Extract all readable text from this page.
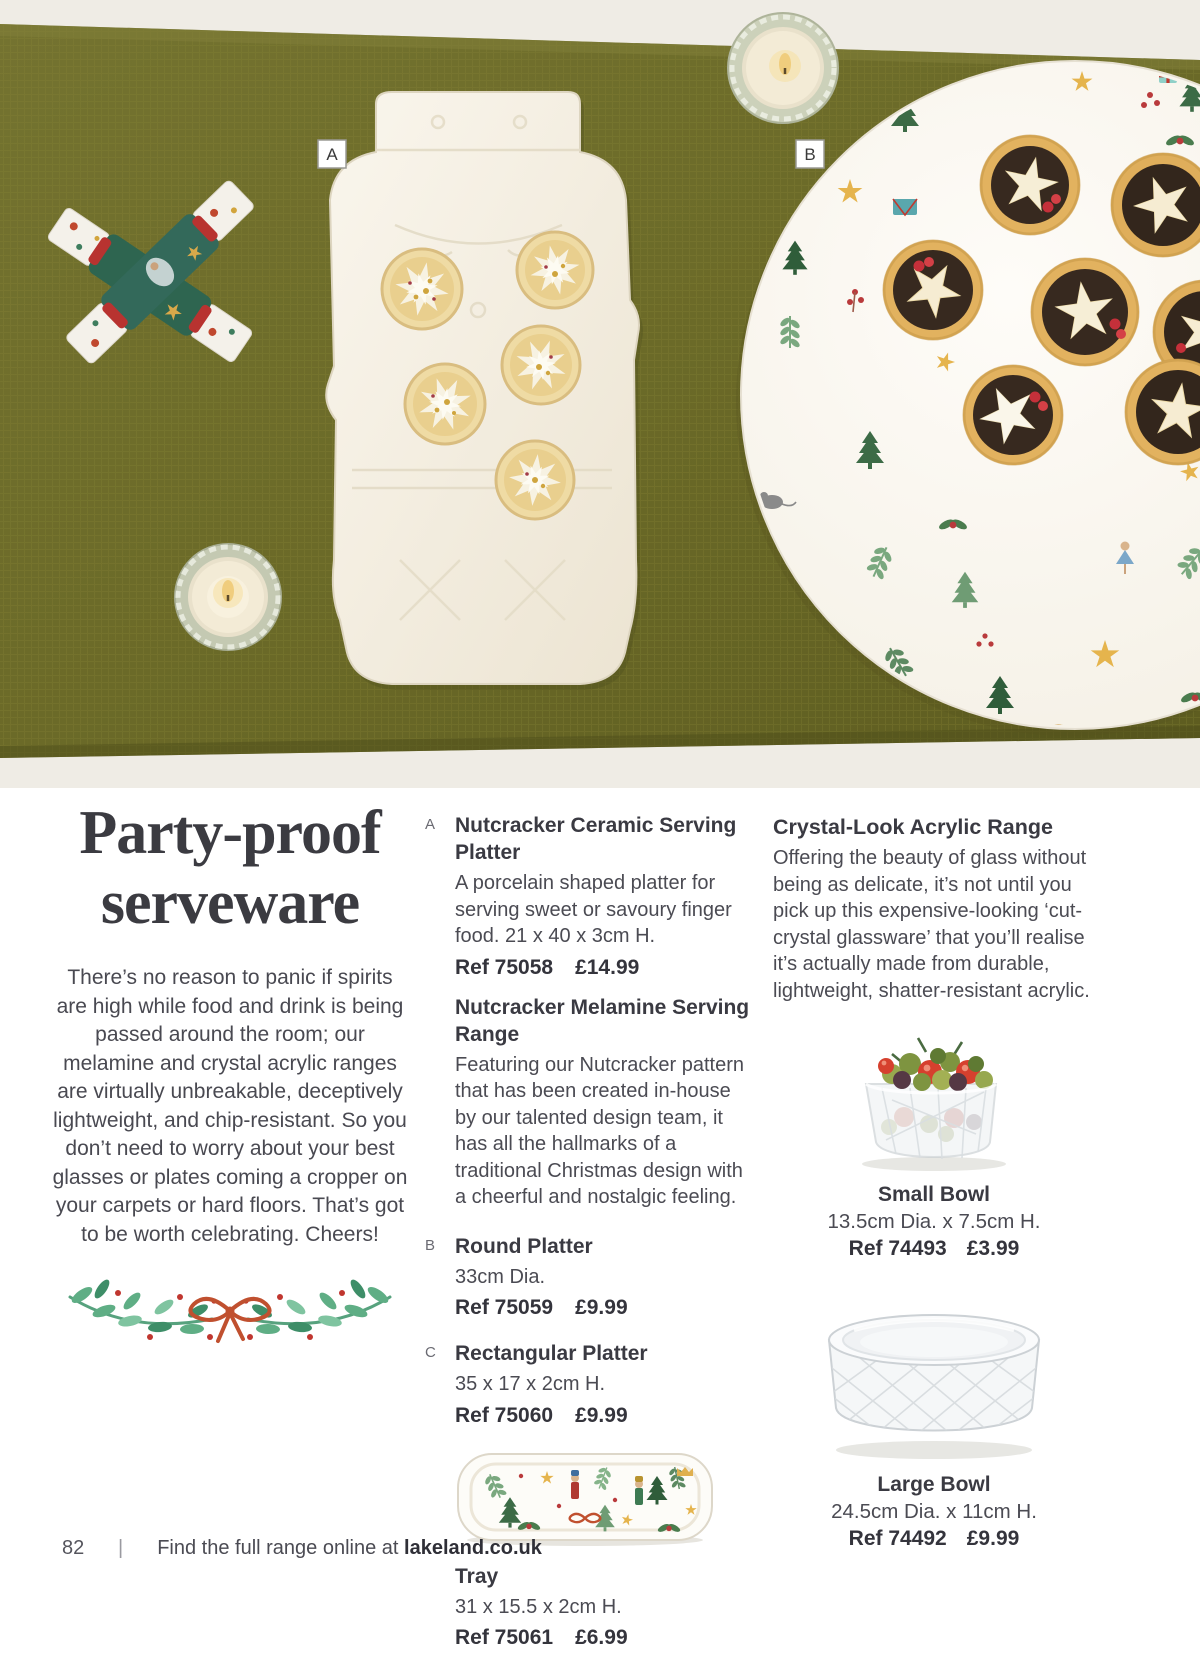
A	B
Party-proof
serveware

There’s no reason to panic if spirits are high while food and drink is being passed around the room; our melamine and crystal acrylic ranges are virtually unbreakable, deceptively lightweight, and chip-resistant. So you don’t need to worry about your best glasses or plates coming a cropper on your carpets or hard floors. That’s got to be worth celebrating. Cheers!

A Nutcracker Ceramic Serving Platter

A porcelain shaped platter for serving sweet or savoury finger food. 21 x 40 x 3cm H.

Ref 75058 £14.99

Nutcracker Melamine Serving Range

Featuring our Nutcracker pattern that has been created in-house by our talented design team, it has all the hallmarks of a traditional Christmas design with a cheerful and nostalgic feeling.

B Round Platter

33cm Dia.

Ref 75059 £9.99

C Rectangular Platter

35 x 17 x 2cm H.

Ref 75060 £9.99

Tray

31 x 15.5 x 2cm H.

Ref 75061 £6.99

Crystal-Look Acrylic Range

Offering the beauty of glass without being as delicate, it’s not until you pick up this expensive-looking ‘cut-crystal glassware’ that you’ll realise it’s actually made from durable, lightweight, shatter-resistant acrylic.

Small Bowl

13.5cm Dia. x 7.5cm H.

Ref 74493 £3.99

Large Bowl

24.5cm Dia. x 11cm H.

Ref 74492 £9.99

82	| Find the full range online at lakeland.co.uk
